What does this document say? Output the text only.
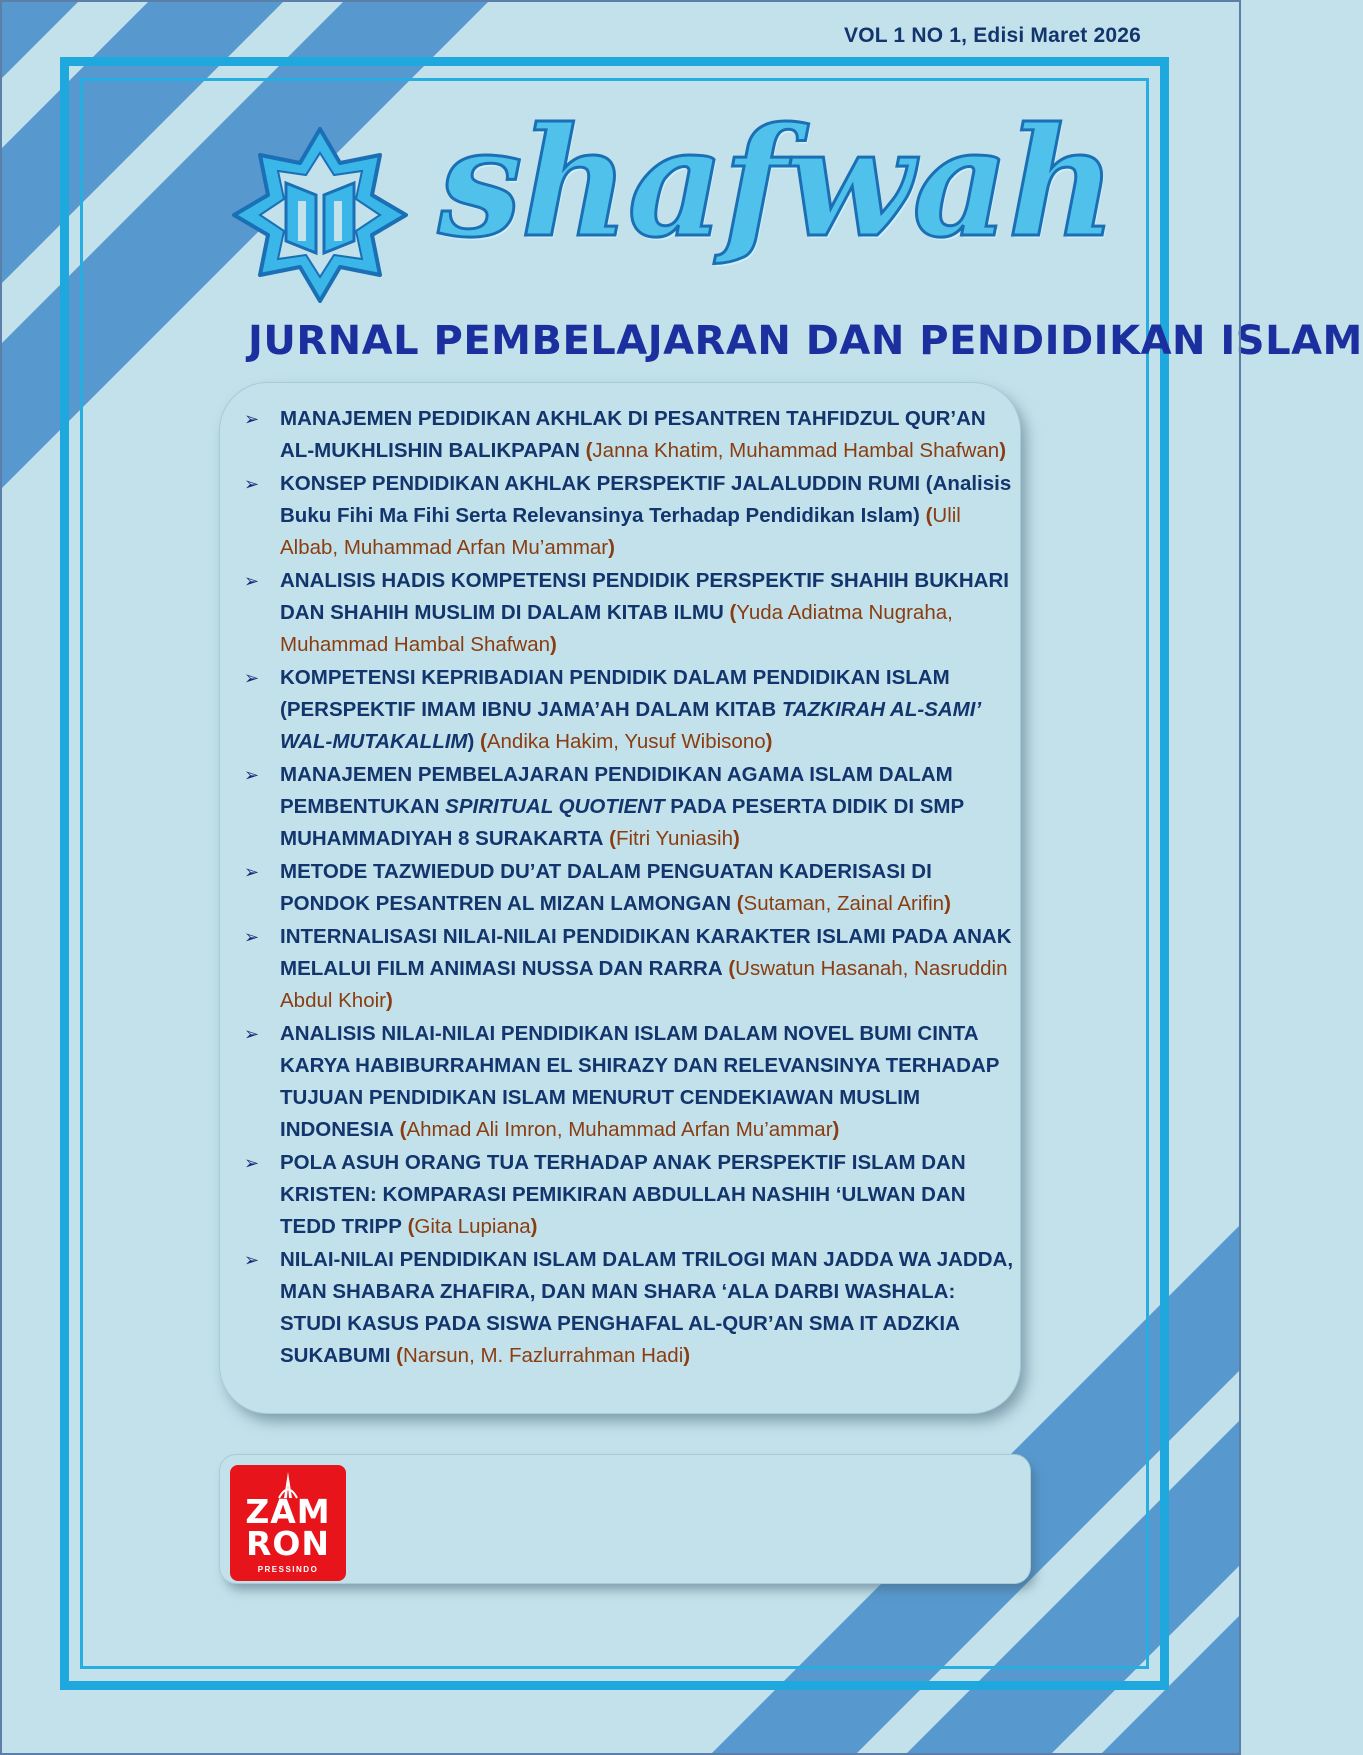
VOL 1 NO 1, Edisi Maret 2026
shafwah
JURNAL PEMBELAJARAN DAN PENDIDIKAN ISLAM
➢ MANAJEMEN PEDIDIKAN AKHLAK DI PESANTREN TAHFIDZUL QUR’AN AL-MUKHLISHIN BALIKPAPAN (Janna Khatim, Muhammad Hambal Shafwan)
➢ KONSEP PENDIDIKAN AKHLAK PERSPEKTIF JALALUDDIN RUMI (Analisis Buku Fihi Ma Fihi Serta Relevansinya Terhadap Pendidikan Islam) (Ulil Albab, Muhammad Arfan Mu’ammar)
➢ ANALISIS HADIS KOMPETENSI PENDIDIK PERSPEKTIF SHAHIH BUKHARI DAN SHAHIH MUSLIM DI DALAM KITAB ILMU (Yuda Adiatma Nugraha, Muhammad Hambal Shafwan)
➢ KOMPETENSI KEPRIBADIAN PENDIDIK DALAM PENDIDIKAN ISLAM (PERSPEKTIF IMAM IBNU JAMA’AH DALAM KITAB TAZKIRAH AL-SAMI’ WAL-MUTAKALLIM) (Andika Hakim, Yusuf Wibisono)
➢ MANAJEMEN PEMBELAJARAN PENDIDIKAN AGAMA ISLAM DALAM PEMBENTUKAN SPIRITUAL QUOTIENT PADA PESERTA DIDIK DI SMP MUHAMMADIYAH 8 SURAKARTA (Fitri Yuniasih)
➢ METODE TAZWIEDUD DU’AT DALAM PENGUATAN KADERISASI DI PONDOK PESANTREN AL MIZAN LAMONGAN (Sutaman, Zainal Arifin)
➢ INTERNALISASI NILAI-NILAI PENDIDIKAN KARAKTER ISLAMI PADA ANAK MELALUI FILM ANIMASI NUSSA DAN RARRA (Uswatun Hasanah, Nasruddin Abdul Khoir)
➢ ANALISIS NILAI-NILAI PENDIDIKAN ISLAM DALAM NOVEL BUMI CINTA KARYA HABIBURRAHMAN EL SHIRAZY DAN RELEVANSINYA TERHADAP TUJUAN PENDIDIKAN ISLAM MENURUT CENDEKIAWAN MUSLIM INDONESIA (Ahmad Ali Imron, Muhammad Arfan Mu’ammar)
➢ POLA ASUH ORANG TUA TERHADAP ANAK PERSPEKTIF ISLAM DAN KRISTEN: KOMPARASI PEMIKIRAN ABDULLAH NASHIH ‘ULWAN DAN TEDD TRIPP (Gita Lupiana)
➢ NILAI-NILAI PENDIDIKAN ISLAM DALAM TRILOGI MAN JADDA WA JADDA, MAN SHABARA ZHAFIRA, DAN MAN SHARA ‘ALA DARBI WASHALA: STUDI KASUS PADA SISWA PENGHAFAL AL-QUR’AN SMA IT ADZKIA SUKABUMI (Narsun, M. Fazlurrahman Hadi)
ZAM
RON
PRESSINDO
